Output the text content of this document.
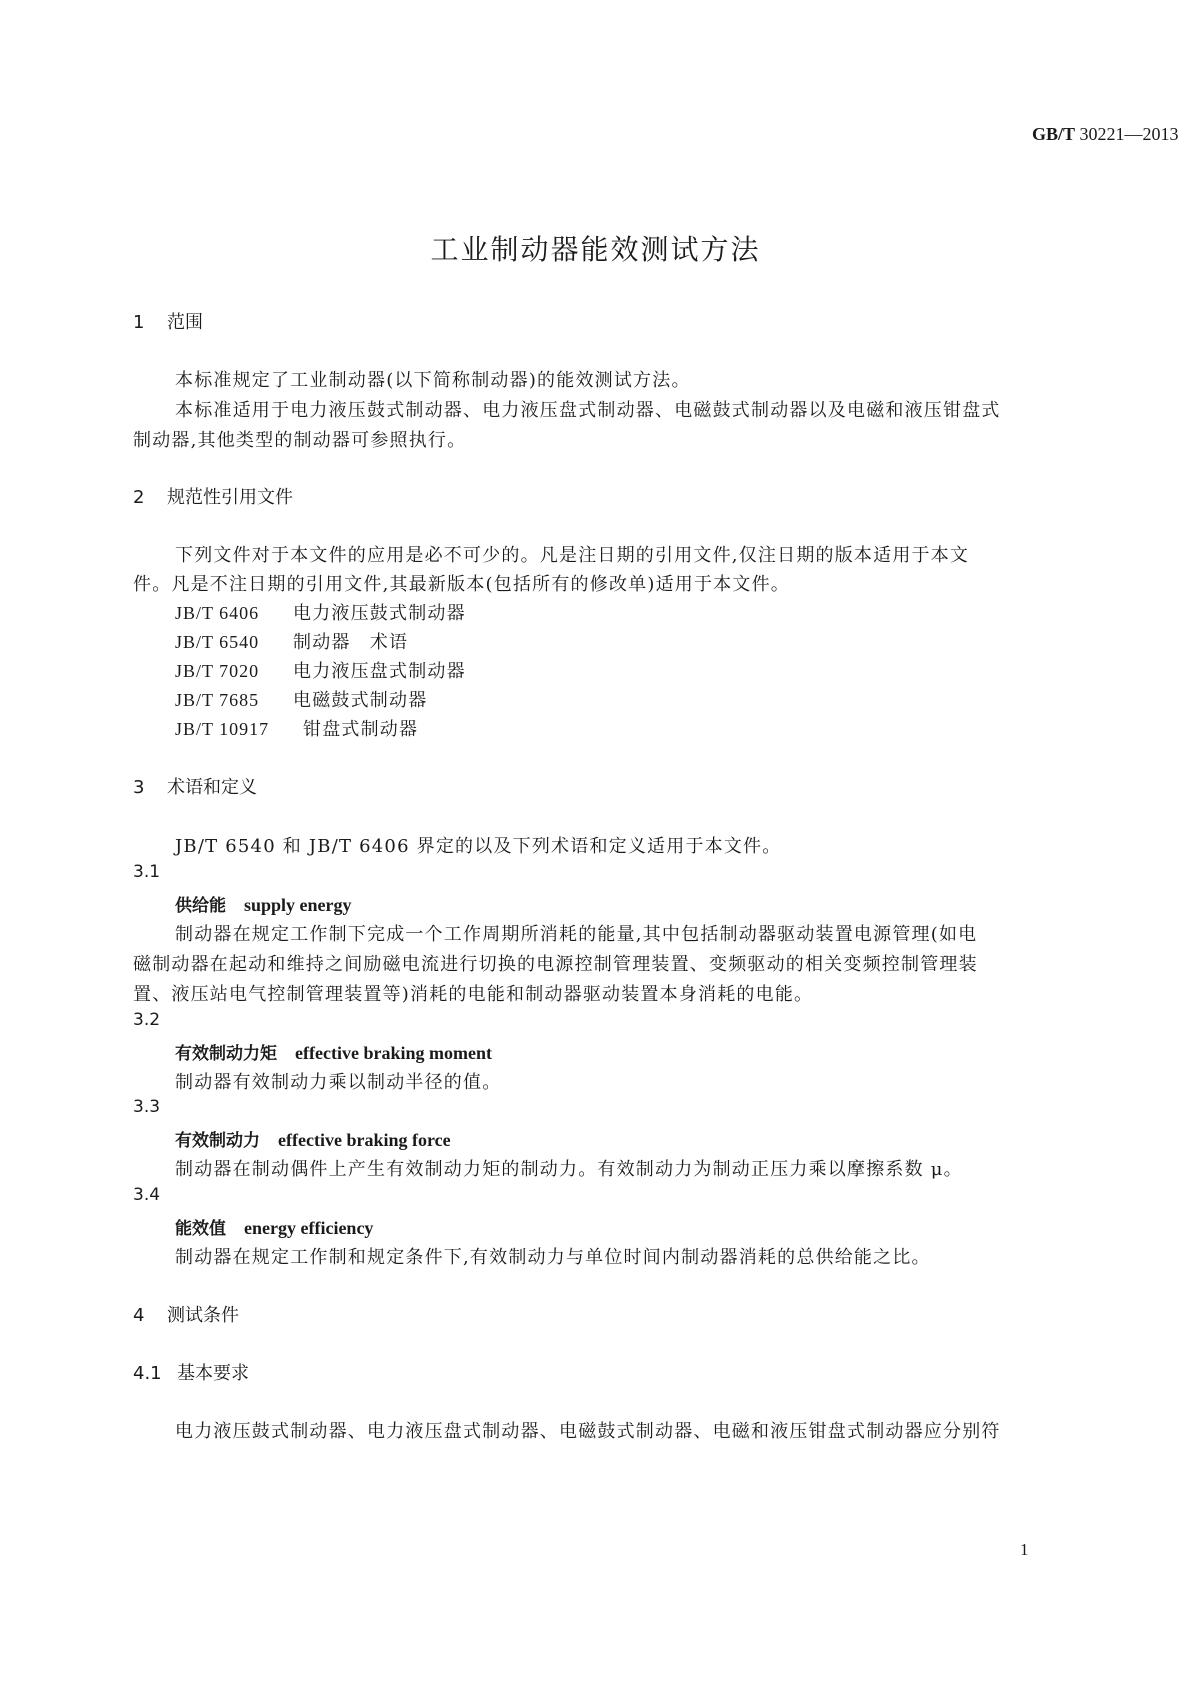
GB/T 30221—2013
工业制动器能效测试方法
1 范围
本标准规定了工业制动器(以下简称制动器)的能效测试方法。
本标准适用于电力液压鼓式制动器、电力液压盘式制动器、电磁鼓式制动器以及电磁和液压钳盘式
制动器,其他类型的制动器可参照执行。
2 规范性引用文件
下列文件对于本文件的应用是必不可少的。凡是注日期的引用文件,仅注日期的版本适用于本文
件。凡是不注日期的引用文件,其最新版本(包括所有的修改单)适用于本文件。
JB/T 6406 电力液压鼓式制动器
JB/T 6540 制动器　术语
JB/T 7020 电力液压盘式制动器
JB/T 7685 电磁鼓式制动器
JB/T 10917 钳盘式制动器
3 术语和定义
JB/T 6540 和 JB/T 6406 界定的以及下列术语和定义适用于本文件。
3.1
供给能 supply energy
制动器在规定工作制下完成一个工作周期所消耗的能量,其中包括制动器驱动装置电源管理(如电
磁制动器在起动和维持之间励磁电流进行切换的电源控制管理装置、变频驱动的相关变频控制管理装
置、液压站电气控制管理装置等)消耗的电能和制动器驱动装置本身消耗的电能。
3.2
有效制动力矩 effective braking moment
制动器有效制动力乘以制动半径的值。
3.3
有效制动力 effective braking force
制动器在制动偶件上产生有效制动力矩的制动力。有效制动力为制动正压力乘以摩擦系数 μ。
3.4
能效值 energy efficiency
制动器在规定工作制和规定条件下,有效制动力与单位时间内制动器消耗的总供给能之比。
4 测试条件
4.1 基本要求
电力液压鼓式制动器、电力液压盘式制动器、电磁鼓式制动器、电磁和液压钳盘式制动器应分别符
1
